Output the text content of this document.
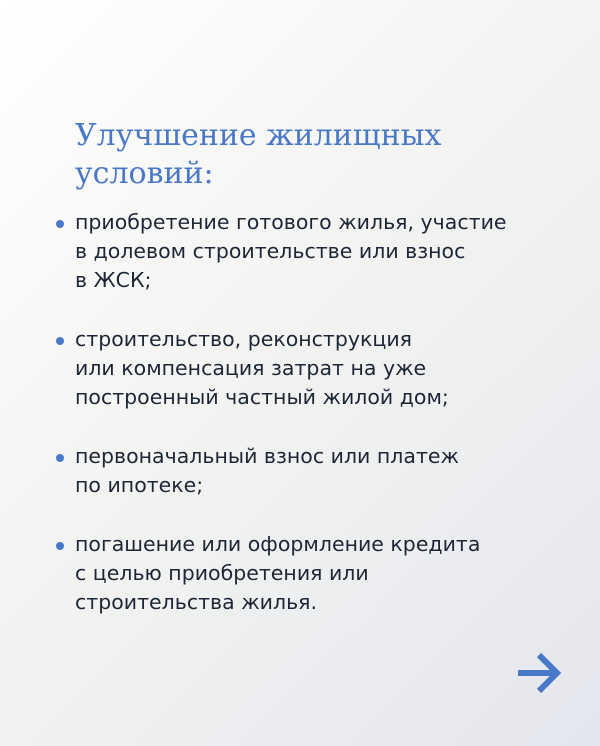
Улучшение жилищных
условий:
приобретение готового жилья, участие
в долевом строительстве или взнос
в ЖСК;
строительство, реконструкция
или компенсация затрат на уже
построенный частный жилой дом;
первоначальный взнос или платеж
по ипотеке;
погашение или оформление кредита
с целью приобретения или
строительства жилья.
